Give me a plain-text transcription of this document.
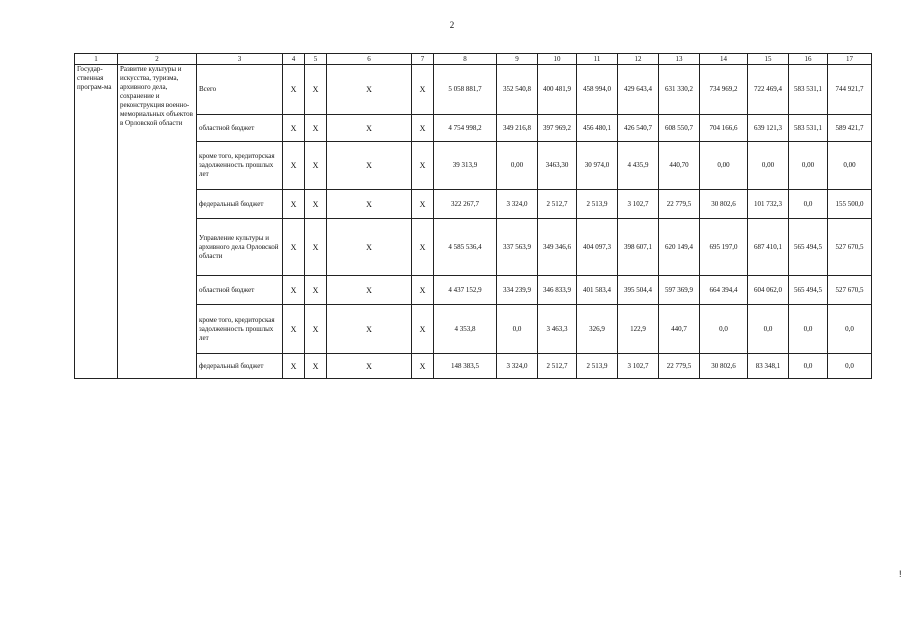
2
1	2	3	4	5	6	7	8	9	10	11	12	13	14	15	16	17
Государ-ственная програм-ма	Развитие культуры и искусства, туризма, архивного дела, сохранение и реконструкция военно-мемориальных объектов в Орловской области	Всего	X	X	X	X	5 058 881,7	352 540,8	400 481,9	458 994,0	429 643,4	631 330,2	734 969,2	722 469,4	583 531,1	744 921,7
		областной бюджет	X	X	X	X	4 754 998,2	349 216,8	397 969,2	456 480,1	426 540,7	608 550,7	704 166,6	639 121,3	583 531,1	589 421,7
		кроме того, кредиторская задолженность прошлых лет	X	X	X	X	39 313,9	0,00	3463,30	30 974,0	4 435,9	440,70	0,00	0,00	0,00	0,00
		федеральный бюджет	X	X	X	X	322 267,7	3 324,0	2 512,7	2 513,9	3 102,7	22 779,5	30 802,6	101 732,3	0,0	155 500,0
		Управление культуры и архивного дела Орловской области	X	X	X	X	4 585 536,4	337 563,9	349 346,6	404 097,3	398 607,1	620 149,4	695 197,0	687 410,1	565 494,5	527 670,5
		областной бюджет	X	X	X	X	4 437 152,9	334 239,9	346 833,9	401 583,4	395 504,4	597 369,9	664 394,4	604 062,0	565 494,5	527 670,5
		кроме того, кредиторская задолженность прошлых лет	X	X	X	X	4 353,8	0,0	3 463,3	326,9	122,9	440,7	0,0	0,0	0,0	0,0
		федеральный бюджет	X	X	X	X	148 383,5	3 324,0	2 512,7	2 513,9	3 102,7	22 779,5	30 802,6	83 348,1	0,0	0,0
!
